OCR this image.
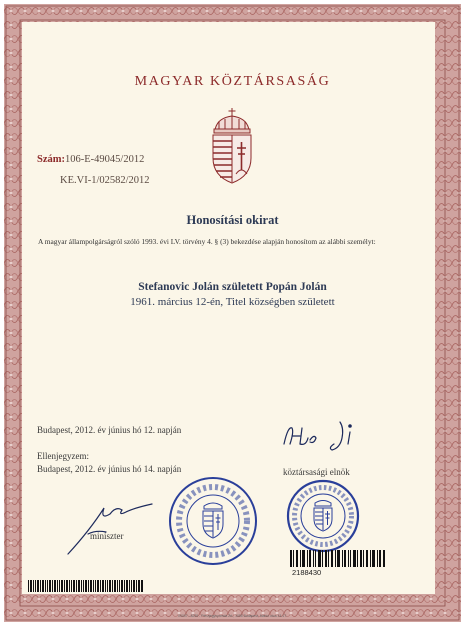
MAGYAR KÖZTÁRSASÁG
Szám:106-E-49045/2012
KE.VI-1/02582/2012
Honosítási okirat
A magyar állampolgárságról szóló 1993. évi LV. törvény 4. § (3) bekezdése alapján honosítom az alábbi személyt:
Stefanovic Jolán született Popán Jolán
1961. március 12-én, Titel községben született
Budapest, 2012. év június hó 12. napján
Ellenjegyzem:
Budapest, 2012. év június hó 14. napján	köztársasági elnök
miniszter
2188430
X0007 - 8239 - Pénzjegynyomda Zrt., 1055 Budapest, Markó utca 13-17.
